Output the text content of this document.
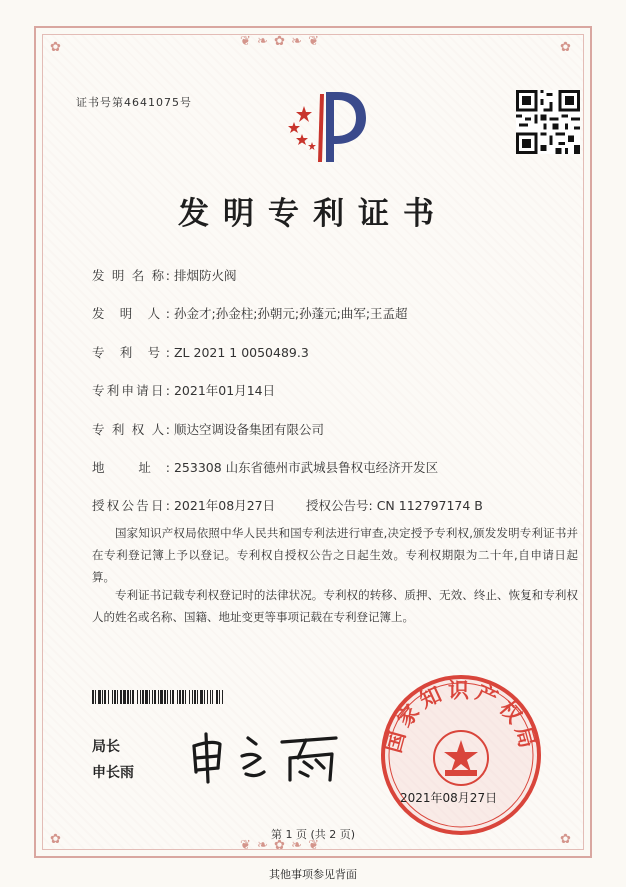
❦ ❧ ✿ ❧ ❦
❦ ❧ ✿ ❧ ❦
✿	✿
✿	✿
证书号第4641075号
发明专利证书
发 明 名 称: 排烟防火阀
发 明 人: 孙金才;孙金柱;孙朝元;孙蓬元;曲军;王孟超
专 利 号: ZL 2021 1 0050489.3
专利申请日: 2021年01月14日
专 利 权 人: 顺达空调设备集团有限公司
地 址: 253308 山东省德州市武城县鲁权屯经济开发区
授权公告日: 2021年08月27日 授权公告号: CN 112797174 B
国家知识产权局依照中华人民共和国专利法进行审查,决定授予专利权,颁发发明专利证书并在专利登记簿上予以登记。专利权自授权公告之日起生效。专利权期限为二十年,自申请日起算。
专利证书记载专利权登记时的法律状况。专利权的转移、质押、无效、终止、恢复和专利权人的姓名或名称、国籍、地址变更等事项记载在专利登记簿上。
局长
申长雨
国家知识产权局
2021年08月27日
第 1 页 (共 2 页)
其他事项参见背面
